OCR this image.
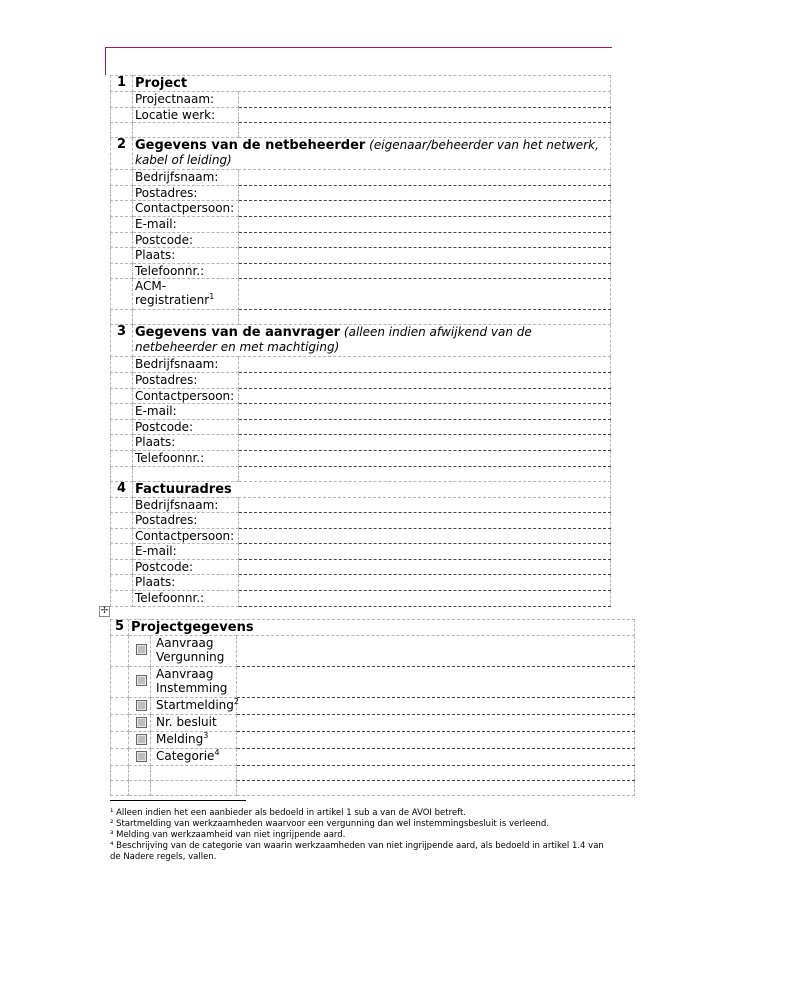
1	Project	
	Projectnaam:	
	Locatie werk:	

2	Gegevens van de netbeheerder (eigenaar/beheerder van het netwerk, kabel of leiding)	
	Bedrijfsnaam:	
	Postadres:	
	Contactpersoon:	
	E-mail:	
	Postcode:	
	Plaats:	
	Telefoonnr.:	
	ACM-registratienr$^1$	

3	Gegevens van de aanvrager (alleen indien afwijkend van de netbeheerder en met machtiging)	
	Bedrijfsnaam:	
	Postadres:	
	Contactpersoon:	
	E-mail:	
	Postcode:	
	Plaats:	
	Telefoonnr.:	

4	Factuuradres	
	Bedrijfsnaam:	
	Postadres:	
	Contactpersoon:	
	E-mail:	
	Postcode:	
	Plaats:	
	Telefoonnr.:	
✢
5	Projectgegevens		
		Aanvraag Vergunning	
		Aanvraag Instemming	
		Startmelding$^2$	
		Nr. besluit	
		Melding$^3$	
		Categorie$^4$	

¹ Alleen indien het een aanbieder als bedoeld in artikel 1 sub a van de AVOI betreft.
² Startmelding van werkzaamheden waarvoor een vergunning dan wel instemmingsbesluit is verleend.
³ Melding van werkzaamheid van niet ingrijpende aard.
⁴ Beschrijving van de categorie van waarin werkzaamheden van niet ingrijpende aard, als bedoeld in artikel 1.4 van de Nadere regels, vallen.
